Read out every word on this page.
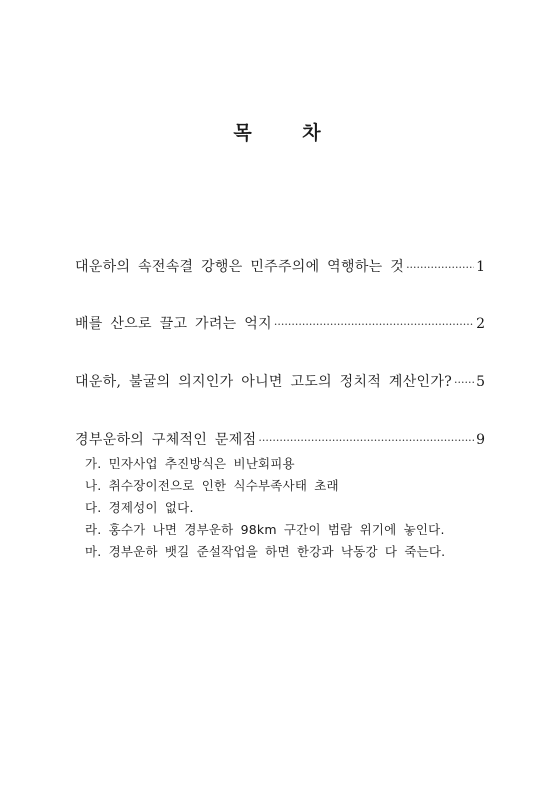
목 차
대운하의 속전속결 강행은 민주주의에 역행하는 것 ·····	1
배를 산으로 끌고 가려는 억지 ·····	2
대운하, 불굴의 의지인가 아니면 고도의 정치적 계산인가? ····· 5
경부운하의 구체적인 문제점 ·····	9
가. 민자사업 추진방식은 비난회피용
나. 취수장이전으로 인한 식수부족사태 초래
다. 경제성이 없다.
라. 홍수가 나면 경부운하 98km 구간이 범람 위기에 놓인다.
마. 경부운하 뱃길 준설작업을 하면 한강과 낙동강 다 죽는다.
